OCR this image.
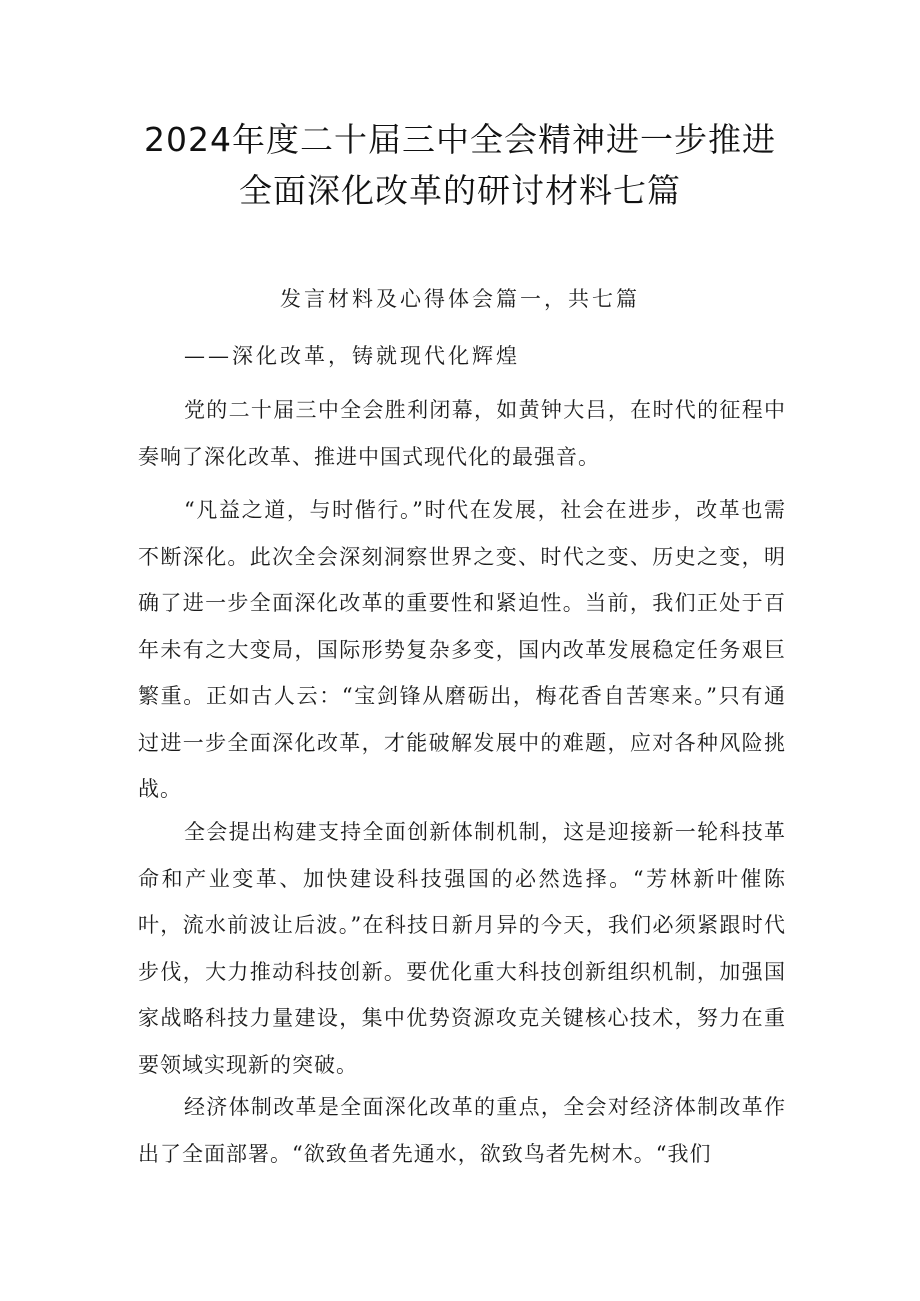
2024年度二十届三中全会精神进一步推进
全面深化改革的研讨材料七篇
发言材料及心得体会篇一，共七篇
——深化改革，铸就现代化辉煌

党的二十届三中全会胜利闭幕，如黄钟大吕，在时代的征程中奏响了深化改革、推进中国式现代化的最强音。

“凡益之道，与时偕行。”时代在发展，社会在进步，改革也需不断深化。此次全会深刻洞察世界之变、时代之变、历史之变，明确了进一步全面深化改革的重要性和紧迫性。当前，我们正处于百年未有之大变局，国际形势复杂多变，国内改革发展稳定任务艰巨繁重。正如古人云：“宝剑锋从磨砺出，梅花香自苦寒来。”只有通过进一步全面深化改革，才能破解发展中的难题，应对各种风险挑战。

全会提出构建支持全面创新体制机制，这是迎接新一轮科技革命和产业变革、加快建设科技强国的必然选择。“芳林新叶催陈叶，流水前波让后波。”在科技日新月异的今天，我们必须紧跟时代步伐，大力推动科技创新。要优化重大科技创新组织机制，加强国家战略科技力量建设，集中优势资源攻克关键核心技术，努力在重要领域实现新的突破。

经济体制改革是全面深化改革的重点，全会对经济体制改革作出了全面部署。“欲致鱼者先通水，欲致鸟者先树木。“我们
